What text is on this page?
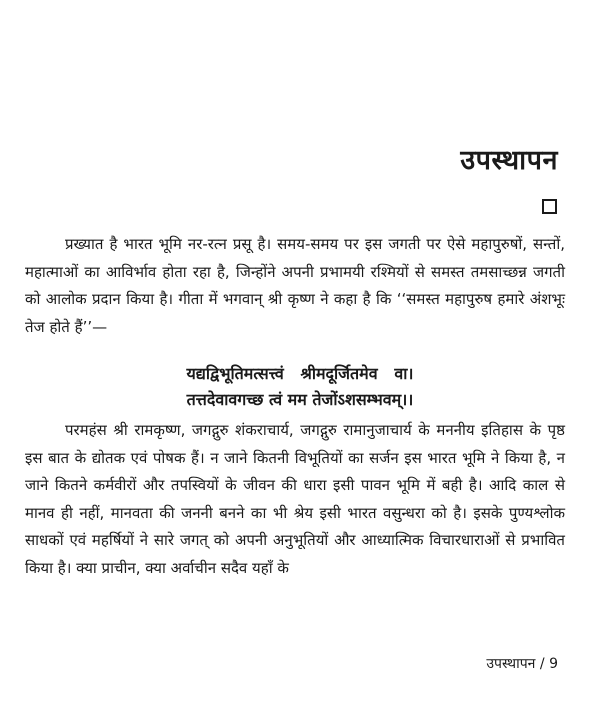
उपस्थापन

प्रख्यात है भारत भूमि नर-रत्न प्रसू है। समय-समय पर इस जगती पर ऐसे महापुरुषों, सन्तों, महात्माओं का आविर्भाव होता रहा है, जिन्होंने अपनी प्रभामयी रश्मियों से समस्त तमसाच्छन्न जगती को आलोक प्रदान किया है। गीता में भगवान् श्री कृष्ण ने कहा है कि ‘‘समस्त महापुरुष हमारे अंशभूः तेज होते हैं’’—

यद्यद्विभूतिमत्सत्त्वं   श्रीमदूर्जितमेव   वा।
तत्तदेवावगच्छ त्वं मम तेजोंऽशसम्भवम्।।

परमहंस श्री रामकृष्ण, जगद्गुरु शंकराचार्य, जगद्गुरु रामानुजाचार्य के मननीय इतिहास के पृष्ठ इस बात के द्योतक एवं पोषक हैं। न जाने कितनी विभूतियों का सर्जन इस भारत भूमि ने किया है, न जाने कितने कर्मवीरों और तपस्वियों के जीवन की धारा इसी पावन भूमि में बही है। आदि काल से मानव ही नहीं, मानवता की जननी बनने का भी श्रेय इसी भारत वसुन्धरा को है। इसके पुण्यश्लोक साधकों एवं महर्षियों ने सारे जगत् को अपनी अनुभूतियों और आध्यात्मिक विचारधाराओं से प्रभावित किया है। क्या प्राचीन, क्या अर्वाचीन सदैव यहाँ के

उपस्थापन / 9
